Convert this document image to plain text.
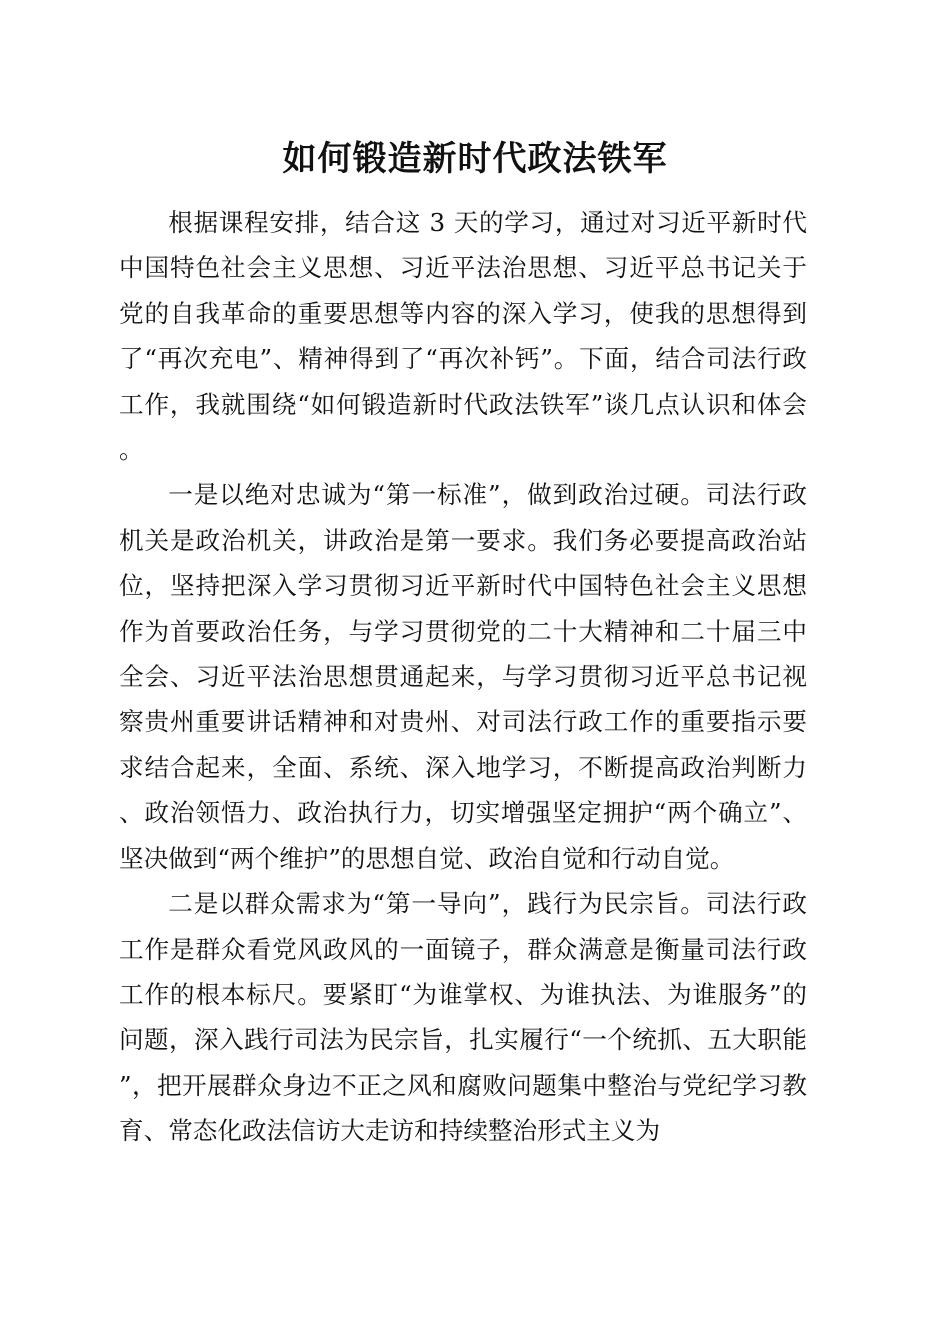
如何锻造新时代政法铁军

根据课程安排，结合这 3 天的学习，通过对习近平新时代中国特色社会主义思想、习近平法治思想、习近平总书记关于党的自我革命的重要思想等内容的深入学习，使我的思想得到了“再次充电”、精神得到了“再次补钙”。下面，结合司法行政工作，我就围绕“如何锻造新时代政法铁军”谈几点认识和体会。

一是以绝对忠诚为“第一标准”，做到政治过硬。司法行政机关是政治机关，讲政治是第一要求。我们务必要提高政治站位，坚持把深入学习贯彻习近平新时代中国特色社会主义思想作为首要政治任务，与学习贯彻党的二十大精神和二十届三中全会、习近平法治思想贯通起来，与学习贯彻习近平总书记视察贵州重要讲话精神和对贵州、对司法行政工作的重要指示要求结合起来，全面、系统、深入地学习，不断提高政治判断力、政治领悟力、政治执行力，切实增强坚定拥护“两个确立”、坚决做到“两个维护”的思想自觉、政治自觉和行动自觉。

二是以群众需求为“第一导向”，践行为民宗旨。司法行政工作是群众看党风政风的一面镜子，群众满意是衡量司法行政工作的根本标尺。要紧盯“为谁掌权、为谁执法、为谁服务”的问题，深入践行司法为民宗旨，扎实履行“一个统抓、五大职能”，把开展群众身边不正之风和腐败问题集中整治与党纪学习教育、常态化政法信访大走访和持续整治形式主义为
